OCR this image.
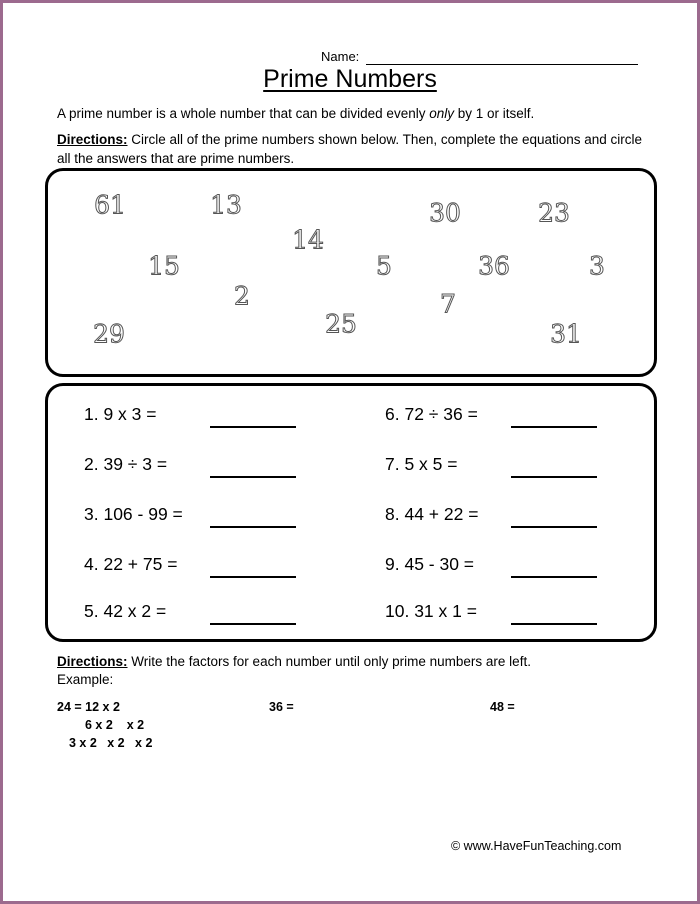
Name:
Prime Numbers
A prime number is a whole number that can be divided evenly only by 1 or itself.
Directions: Circle all of the prime numbers shown below. Then, complete the equations and circle all the answers that are prime numbers.
61	13	30	23
14
15	5	36	3
2	7
29	25	31
1. 9 x 3 =
2. 39 ÷ 3 =
3. 106 - 99 =
4. 22 + 75 =
5. 42 x 2 =
6. 72 ÷ 36 =
7. 5 x 5 =
8. 44 + 22 =
9. 45 - 30 =
10. 31 x 1 =
Directions: Write the factors for each number until only prime numbers are left.
Example:
24 = 12 x 2
6 x 2    x 2
3 x 2   x 2   x 2
36 =	48 =
© www.HaveFunTeaching.com
